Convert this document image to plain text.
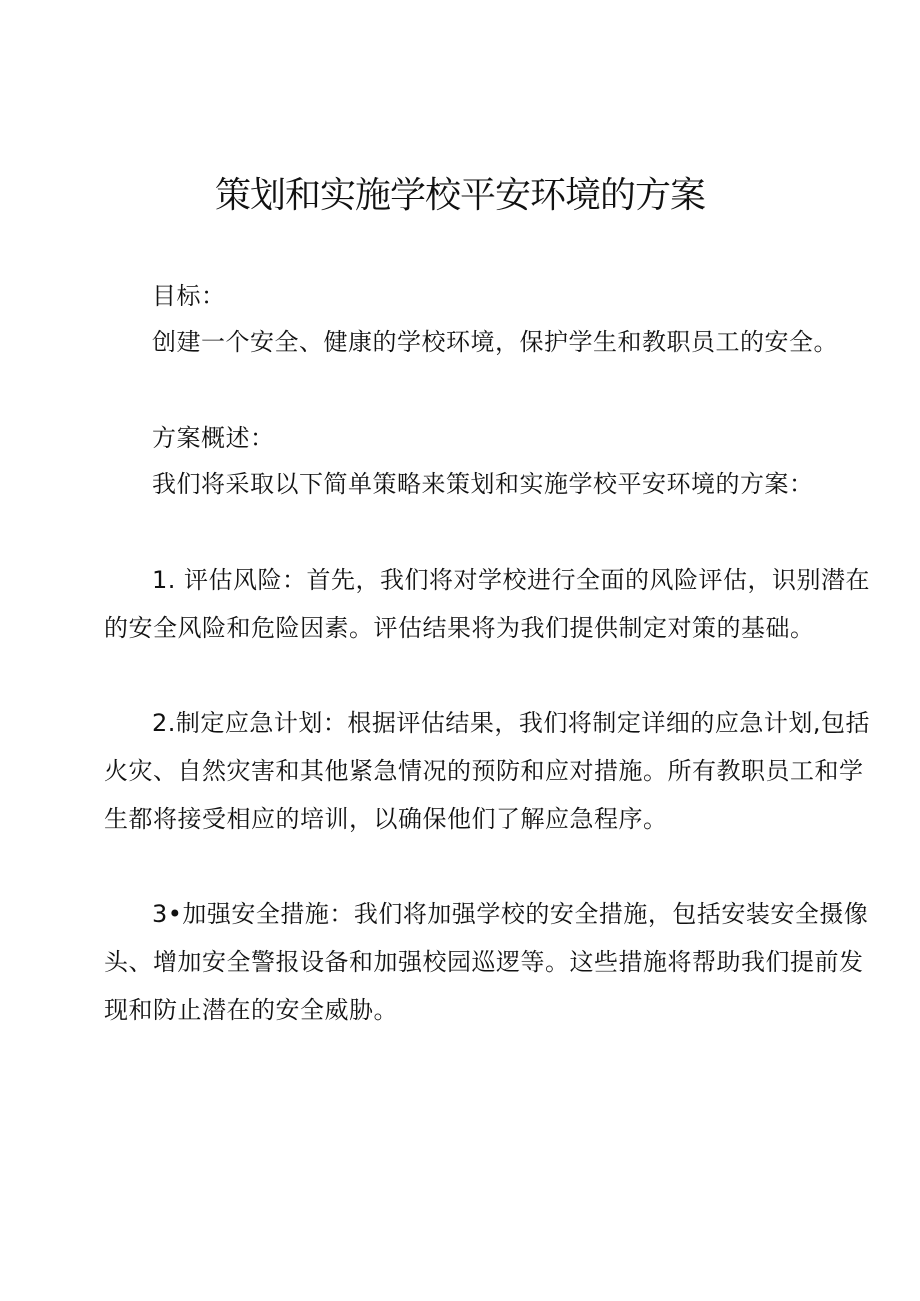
策划和实施学校平安环境的方案

目标：

创建一个安全、健康的学校环境，保护学生和教职员工的安全。

方案概述：

我们将采取以下简单策略来策划和实施学校平安环境的方案：

1. 评估风险：首先，我们将对学校进行全面的风险评估，识别潜在

的安全风险和危险因素。评估结果将为我们提供制定对策的基础。

2.制定应急计划：根据评估结果，我们将制定详细的应急计划,包括

火灾、自然灾害和其他紧急情况的预防和应对措施。所有教职员工和学

生都将接受相应的培训，以确保他们了解应急程序。

3•加强安全措施：我们将加强学校的安全措施，包括安装安全摄像

头、增加安全警报设备和加强校园巡逻等。这些措施将帮助我们提前发

现和防止潜在的安全威胁。
